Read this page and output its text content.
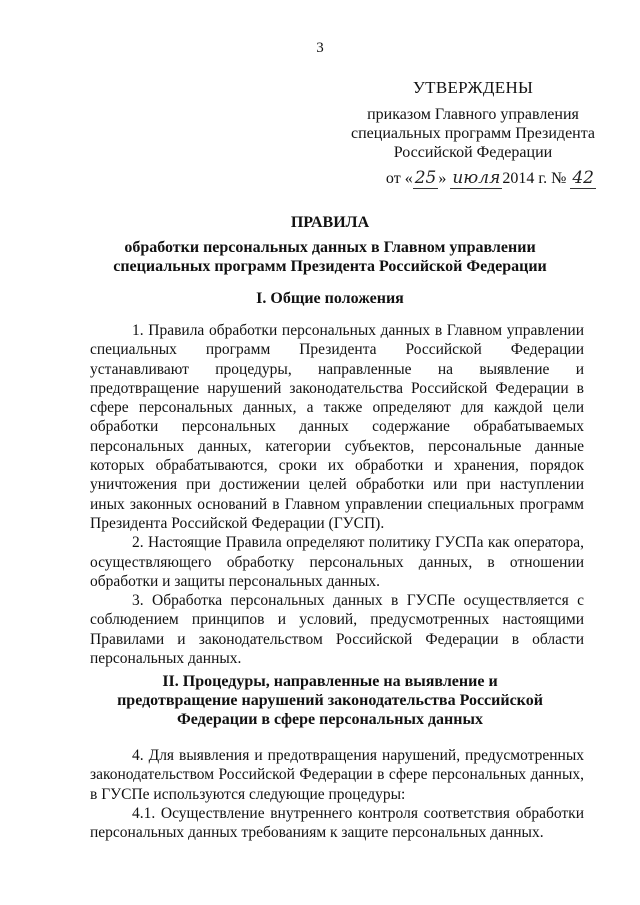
3
УТВЕРЖДЕНЫ
приказом Главного управления
специальных программ Президента
Российской Федерации
от « 25 » июля 2014 г. № 42
ПРАВИЛА
обработки персональных данных в Главном управлении
специальных программ Президента Российской Федерации
I. Общие положения

1. Правила обработки персональных данных в Главном управлении специальных программ Президента Российской Федерации устанавливают процедуры, направленные на выявление и предотвращение нарушений законодательства Российской Федерации в сфере персональных данных, а также определяют для каждой цели обработки персональных данных содержание обрабатываемых персональных данных, категории субъектов, персональные данные которых обрабатываются, сроки их обработки и хранения, порядок уничтожения при достижении целей обработки или при наступлении иных законных оснований в Главном управлении специальных программ Президента Российской Федерации (ГУСП).

2. Настоящие Правила определяют политику ГУСПа как оператора, осуществляющего обработку персональных данных, в отношении обработки и защиты персональных данных.

3. Обработка персональных данных в ГУСПе осуществляется с соблюдением принципов и условий, предусмотренных настоящими Правилами и законодательством Российской Федерации в области персональных данных.

II. Процедуры, направленные на выявление и
предотвращение нарушений законодательства Российской
Федерации в сфере персональных данных

4. Для выявления и предотвращения нарушений, предусмотренных законодательством Российской Федерации в сфере персональных данных, в ГУСПе используются следующие процедуры:

4.1. Осуществление внутреннего контроля соответствия обработки персональных данных требованиям к защите персональных данных.
